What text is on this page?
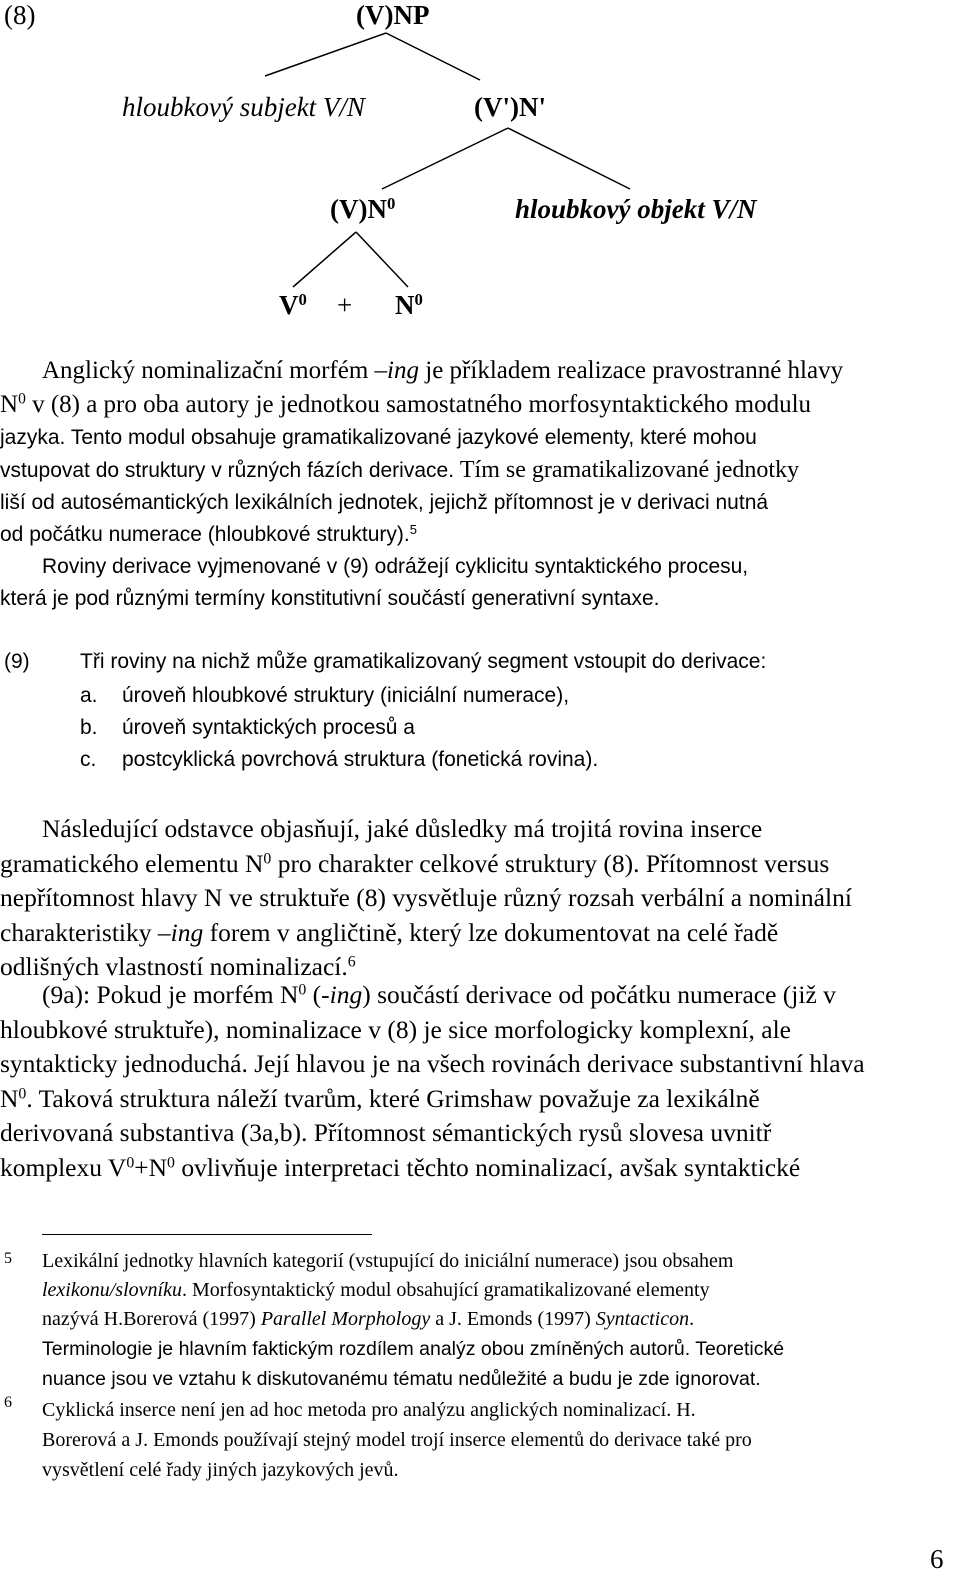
(8)	(V)NP
hloubkový subjekt V/N	(V')N'
$(V)N^0$	hloubkový objekt V/N
$V^0 + N^0$
Anglický nominalizační morfém –ing je příkladem realizace pravostranné hlavy
$N^0$ v (8) a pro oba autory je jednotkou samostatného morfosyntaktického modulu
jazyka. Tento modul obsahuje gramatikalizované jazykové elementy, které mohou
vstupovat do struktury v různých fázích derivace. Tím se gramatikalizované jednotky
liší od autosémantických lexikálních jednotek, jejichž přítomnost je v derivaci nutná
od počátku numerace (hloubkové struktury).$^5$
Roviny derivace vyjmenované v (9) odrážejí cyklicitu syntaktického procesu,
která je pod různými termíny konstitutivní součástí generativní syntaxe.
(9) Tři roviny na nichž může gramatikalizovaný segment vstoupit do derivace:
a. úroveň hloubkové struktury (iniciální numerace),
b. úroveň syntaktických procesů a
c. postcyklická povrchová struktura (fonetická rovina).
Následující odstavce objasňují, jaké důsledky má trojitá rovina inserce
gramatického elementu $N^0$ pro charakter celkové struktury (8). Přítomnost versus
nepřítomnost hlavy N ve struktuře (8) vysvětluje různý rozsah verbální a nominální
charakteristiky –ing forem v angličtině, který lze dokumentovat na celé řadě
odlišných vlastností nominalizací.$^6$
(9a): Pokud je morfém $N^0$ (-ing) součástí derivace od počátku numerace (již v
hloubkové struktuře), nominalizace v (8) je sice morfologicky komplexní, ale
syntakticky jednoduchá. Její hlavou je na všech rovinách derivace substantivní hlava
$N^0$. Taková struktura náleží tvarům, které Grimshaw považuje za lexikálně
derivovaná substantiva (3a,b). Přítomnost sémantických rysů slovesa uvnitř
komplexu $V^0+N^0$ ovlivňuje interpretaci těchto nominalizací, avšak syntaktické
5 Lexikální jednotky hlavních kategorií (vstupující do iniciální numerace) jsou obsahem
lexikonu/slovníku. Morfosyntaktický modul obsahující gramatikalizované elementy
nazývá H.Borerová (1997) Parallel Morphology a J. Emonds (1997) Syntacticon.
Terminologie je hlavním faktickým rozdílem analýz obou zmíněných autorů. Teoretické
nuance jsou ve vztahu k diskutovanému tématu nedůležité a budu je zde ignorovat.
6 Cyklická inserce není jen ad hoc metoda pro analýzu anglických nominalizací. H.
Borerová a J. Emonds používají stejný model trojí inserce elementů do derivace také pro
vysvětlení celé řady jiných jazykových jevů.
6
